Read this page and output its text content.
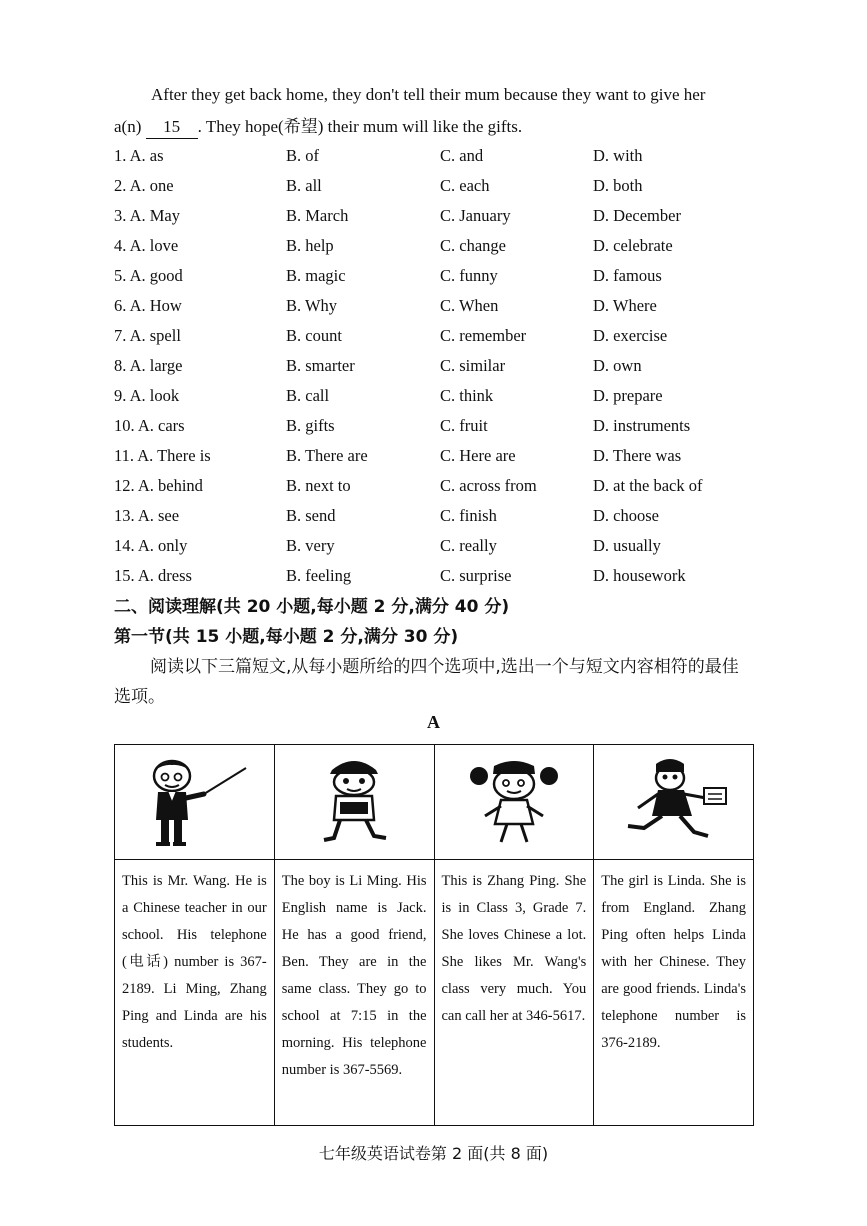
After they get back home, they don't tell their mum because they want to give her
a(n) 15 . They hope(希望) their mum will like the gifts.
1. A. as	B. of	C. and	D. with
2. A. one	B. all	C. each	D. both
3. A. May	B. March	C. January	D. December
4. A. love	B. help	C. change	D. celebrate
5. A. good	B. magic	C. funny	D. famous
6. A. How	B. Why	C. When	D. Where
7. A. spell	B. count	C. remember	D. exercise
8. A. large	B. smarter	C. similar	D. own
9. A. look	B. call	C. think	D. prepare
10. A. cars	B. gifts	C. fruit	D. instruments
11. A. There is	B. There are	C. Here are	D. There was
12. A. behind	B. next to	C. across from	D. at the back of
13. A. see	B. send	C. finish	D. choose
14. A. only	B. very	C. really	D. usually
15. A. dress	B. feeling	C. surprise	D. housework
二、阅读理解(共 20 小题,每小题 2 分,满分 40 分)
第一节(共 15 小题,每小题 2 分,满分 30 分)
阅读以下三篇短文,从每小题所给的四个选项中,选出一个与短文内容相符的最佳选项。
A

This is Mr. Wang. He is a Chinese teacher in our school. His telephone (电话) number is 367-2189. Li Ming, Zhang Ping and Linda are his students.	The boy is Li Ming. His English name is Jack. He has a good friend, Ben. They are in the same class. They go to school at 7:15 in the morning. His telephone number is 367-5569.	This is Zhang Ping. She is in Class 3, Grade 7. She loves Chinese a lot. She likes Mr. Wang's class very much. You can call her at 346-5617.	The girl is Linda. She is from England. Zhang Ping often helps Linda with her Chinese. They are good friends. Linda's telephone number is 376-2189.
七年级英语试卷第 2 面(共 8 面)
